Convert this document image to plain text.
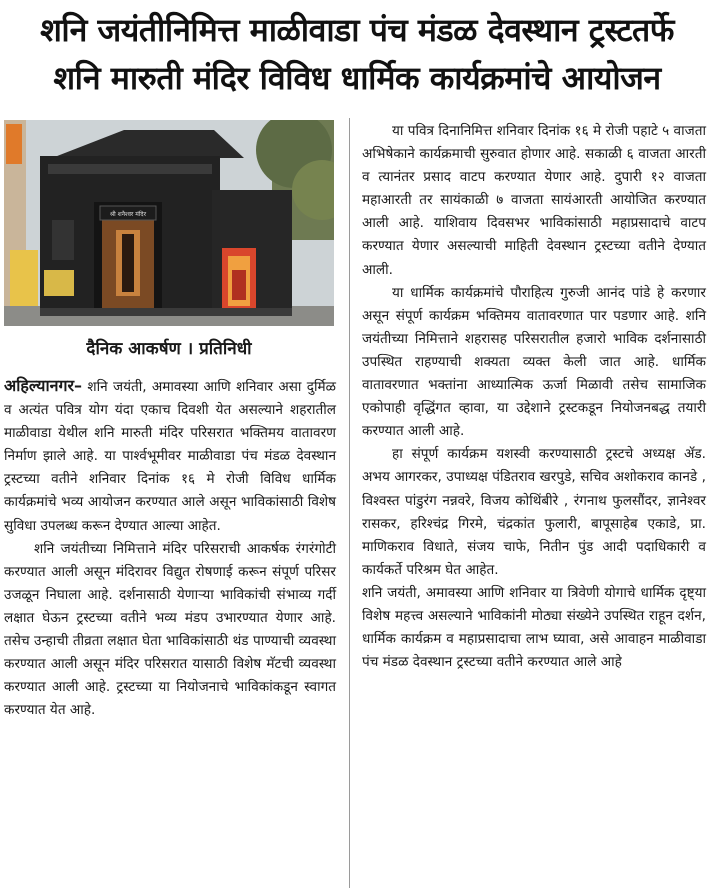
शनि जयंतीनिमित्त माळीवाडा पंच मंडळ देवस्थान ट्रस्टतर्फे
शनि मारुती मंदिर विविध धार्मिक कार्यक्रमांचे आयोजन
श्री शनैश्वर मंदिर
दैनिक आकर्षण । प्रतिनिधी

अहिल्यानगर– शनि जयंती, अमावस्या आणि शनिवार असा दुर्मिळ व अत्यंत पवित्र योग यंदा एकाच दिवशी येत असल्याने शहरातील माळीवाडा येथील शनि मारुती मंदिर परिसरात भक्तिमय वातावरण निर्माण झाले आहे. या पार्श्वभूमीवर माळीवाडा पंच मंडळ देवस्थान ट्रस्टच्या वतीने शनिवार दिनांक १६ मे रोजी विविध धार्मिक कार्यक्रमांचे भव्य आयोजन करण्यात आले असून भाविकांसाठी विशेष सुविधा उपलब्ध करून देण्यात आल्या आहेत.

शनि जयंतीच्या निमित्ताने मंदिर परिसराची आकर्षक रंगरंगोटी करण्यात आली असून मंदिरावर विद्युत रोषणाई करून संपूर्ण परिसर उजळून निघाला आहे. दर्शनासाठी येणाऱ्या भाविकांची संभाव्य गर्दी लक्षात घेऊन ट्रस्टच्या वतीने भव्य मंडप उभारण्यात येणार आहे. तसेच उन्हाची तीव्रता लक्षात घेता भाविकांसाठी थंड पाण्याची व्यवस्था करण्यात आली असून मंदिर परिसरात यासाठी विशेष मॅटची व्यवस्था करण्यात आली आहे. ट्रस्टच्या या नियोजनाचे भाविकांकडून स्वागत करण्यात येत आहे.

या पवित्र दिनानिमित्त शनिवार दिनांक १६ मे रोजी पहाटे ५ वाजता अभिषेकाने कार्यक्रमाची सुरुवात होणार आहे. सकाळी ६ वाजता आरती व त्यानंतर प्रसाद वाटप करण्यात येणार आहे. दुपारी १२ वाजता महाआरती तर सायंकाळी ७ वाजता सायंआरती आयोजित करण्यात आली आहे. याशिवाय दिवसभर भाविकांसाठी महाप्रसादाचे वाटप करण्यात येणार असल्याची माहिती देवस्थान ट्रस्टच्या वतीने देण्यात आली.

या धार्मिक कार्यक्रमांचे पौराहित्य गुरुजी आनंद पांडे हे करणार असून संपूर्ण कार्यक्रम भक्तिमय वातावरणात पार पडणार आहे. शनि जयंतीच्या निमित्ताने शहरासह परिसरातील हजारो भाविक दर्शनासाठी उपस्थित राहण्याची शक्यता व्यक्त केली जात आहे. धार्मिक वातावरणात भक्तांना आध्यात्मिक ऊर्जा मिळावी तसेच सामाजिक एकोपाही वृद्धिंगत व्हावा, या उद्देशाने ट्रस्टकडून नियोजनबद्ध तयारी करण्यात आली आहे.

हा संपूर्ण कार्यक्रम यशस्वी करण्यासाठी ट्रस्टचे अध्यक्ष ॲड. अभय आगरकर, उपाध्यक्ष पंडितराव खरपुडे, सचिव अशोकराव कानडे , विश्वस्त पांडुरंग नन्नवरे, विजय कोथिंबीरे , रंगनाथ फुलसौंदर, ज्ञानेश्वर रासकर, हरिश्चंद्र गिरमे, चंद्रकांत फुलारी, बापूसाहेब एकाडे, प्रा. माणिकराव विधाते, संजय चाफे, नितीन पुंड आदी पदाधिकारी व कार्यकर्ते परिश्रम घेत आहेत.

शनि जयंती, अमावस्या आणि शनिवार या त्रिवेणी योगाचे धार्मिक दृष्ट्या विशेष महत्त्व असल्याने भाविकांनी मोठ्या संख्येने उपस्थित राहून दर्शन, धार्मिक कार्यक्रम व महाप्रसादाचा लाभ घ्यावा, असे आवाहन माळीवाडा पंच मंडळ देवस्थान ट्रस्टच्या वतीने करण्यात आले आहे
